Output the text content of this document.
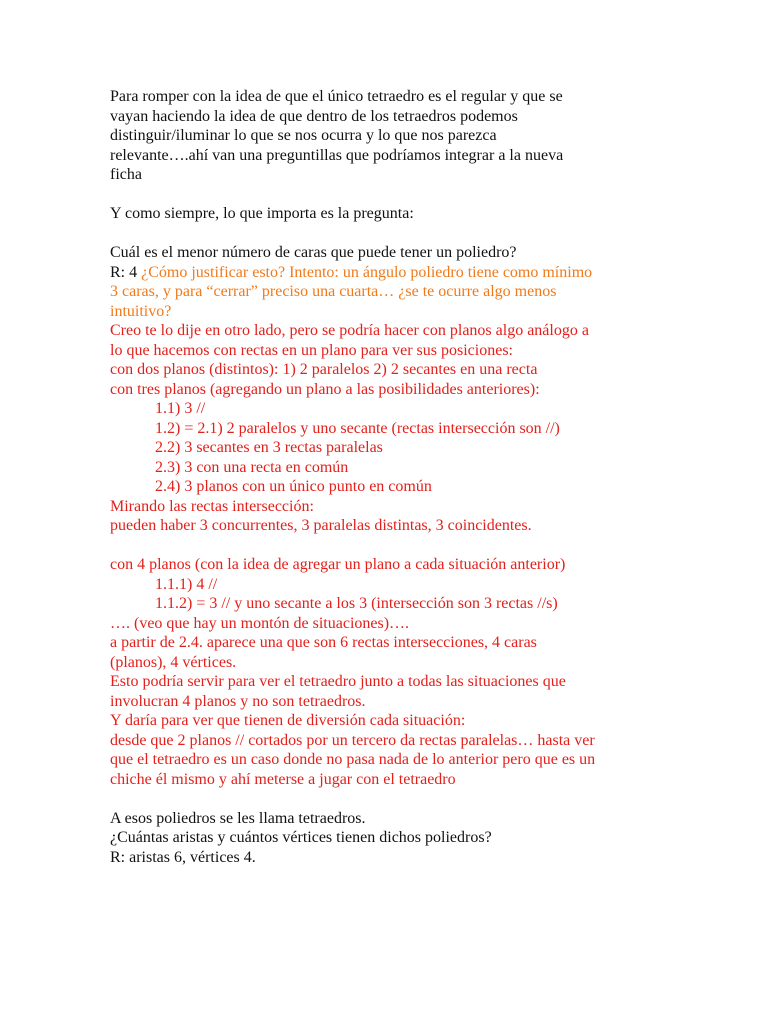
Para romper con la idea de que el único tetraedro es el regular y que se
vayan haciendo la idea de que dentro de los tetraedros podemos
distinguir/iluminar lo que se nos ocurra y lo que nos parezca
relevante….ahí van una preguntillas que podríamos integrar a la nueva
ficha
Y como siempre, lo que importa es la pregunta:
Cuál es el menor número de caras que puede tener un poliedro?
R: 4 ¿Cómo justificar esto? Intento: un ángulo poliedro tiene como mínimo
3 caras, y para “cerrar” preciso una cuarta… ¿se te ocurre algo menos
intuitivo?
Creo te lo dije en otro lado, pero se podría hacer con planos algo análogo a
lo que hacemos con rectas en un plano para ver sus posiciones:
con dos planos (distintos): 1) 2 paralelos 2) 2 secantes en una recta
con tres planos (agregando un plano a las posibilidades anteriores):
1.1) 3 //
1.2) = 2.1) 2 paralelos y uno secante (rectas intersección son //)
2.2) 3 secantes en 3 rectas paralelas
2.3) 3 con una recta en común
2.4) 3 planos con un único punto en común
Mirando las rectas intersección:
pueden haber 3 concurrentes, 3 paralelas distintas, 3 coincidentes.
con 4 planos (con la idea de agregar un plano a cada situación anterior)
1.1.1) 4 //
1.1.2) = 3 // y uno secante a los 3 (intersección son 3 rectas //s)
…. (veo que hay un montón de situaciones)….
a partir de 2.4. aparece una que son 6 rectas intersecciones, 4 caras
(planos), 4 vértices.
Esto podría servir para ver el tetraedro junto a todas las situaciones que
involucran 4 planos y no son tetraedros.
Y daría para ver que tienen de diversión cada situación:
desde que 2 planos // cortados por un tercero da rectas paralelas… hasta ver
que el tetraedro es un caso donde no pasa nada de lo anterior pero que es un
chiche él mismo y ahí meterse a jugar con el tetraedro
A esos poliedros se les llama tetraedros.
¿Cuántas aristas y cuántos vértices tienen dichos poliedros?
R: aristas 6, vértices 4.
